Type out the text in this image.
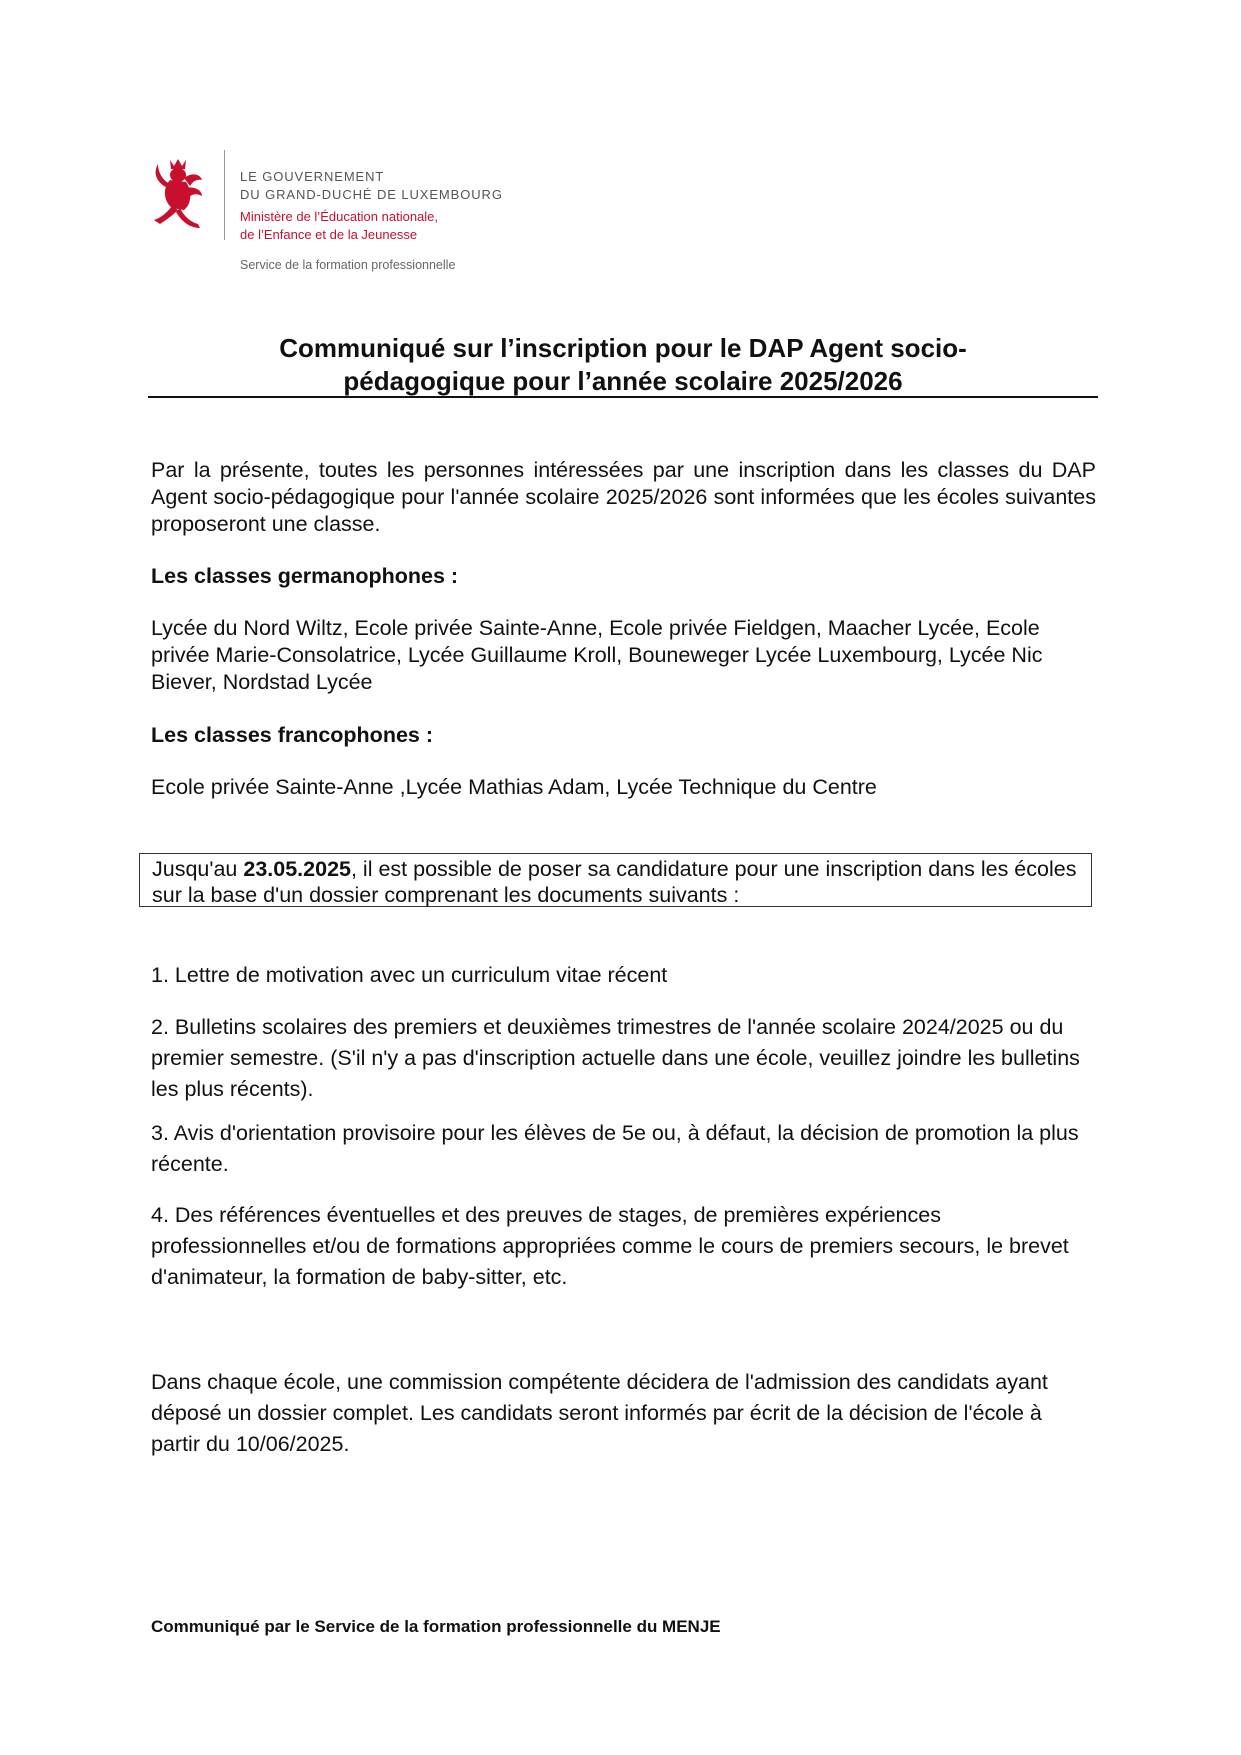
LE GOUVERNEMENT
DU GRAND-DUCHÉ DE LUXEMBOURG
Ministère de l’Éducation nationale,
de l’Enfance et de la Jeunesse
Service de la formation professionnelle
Communiqué sur l’inscription pour le DAP Agent socio-
pédagogique pour l’année scolaire 2025/2026
Par la présente, toutes les personnes intéressées par une inscription dans les classes du DAP Agent socio-pédagogique pour l'année scolaire 2025/2026 sont informées que les écoles suivantes proposeront une classe.
Les classes germanophones :
Lycée du Nord Wiltz, Ecole privée Sainte-Anne, Ecole privée Fieldgen, Maacher Lycée, Ecole privée Marie-Consolatrice, Lycée Guillaume Kroll, Bouneweger Lycée Luxembourg, Lycée Nic Biever, Nordstad Lycée
Les classes francophones :
Ecole privée Sainte-Anne ,Lycée Mathias Adam, Lycée Technique du Centre
Jusqu'au 23.05.2025, il est possible de poser sa candidature pour une inscription dans les écoles sur la base d'un dossier comprenant les documents suivants :
1. Lettre de motivation avec un curriculum vitae récent
2. Bulletins scolaires des premiers et deuxièmes trimestres de l'année scolaire 2024/2025 ou du premier semestre. (S'il n'y a pas d'inscription actuelle dans une école, veuillez joindre les bulletins les plus récents).
3. Avis d'orientation provisoire pour les élèves de 5e ou, à défaut, la décision de promotion la plus récente.
4. Des références éventuelles et des preuves de stages, de premières expériences professionnelles et/ou de formations appropriées comme le cours de premiers secours, le brevet d'animateur, la formation de baby-sitter, etc.
Dans chaque école, une commission compétente décidera de l'admission des candidats ayant déposé un dossier complet. Les candidats seront informés par écrit de la décision de l'école à partir du 10/06/2025.
Communiqué par le Service de la formation professionnelle du MENJE
